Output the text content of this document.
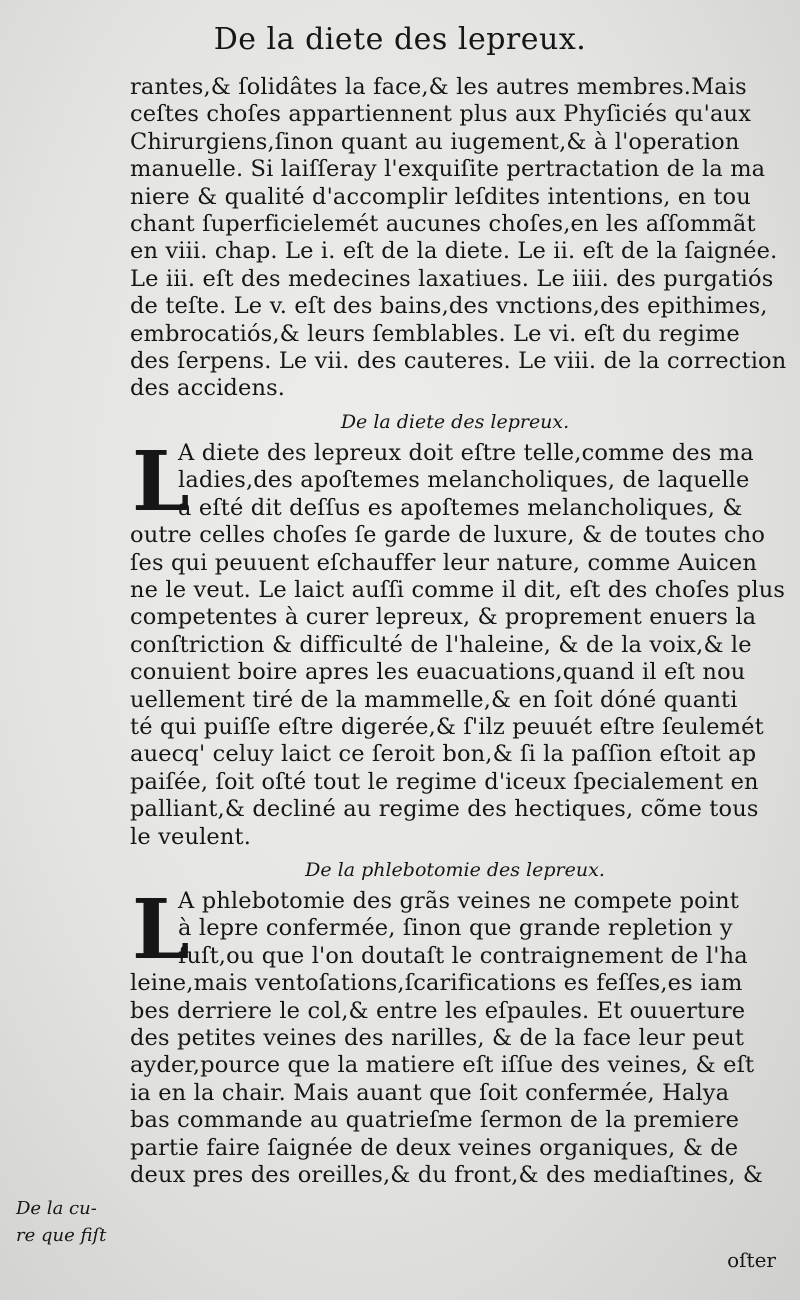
De la diete des lepreux.
rantes,& ſolidâtes la face,& les autres membres.Mais
ceſtes choſes appartiennent plus aux Phyſiciés qu'aux
Chirurgiens,ſinon quant au iugement,& à l'operation
manuelle. Si laiſſeray l'exquiſite pertractation de la ma
niere & qualité d'accomplir leſdites intentions, en tou
chant ſuperficielemét aucunes choſes,en les aſſommãt
en viii. chap. Le i. eſt de la diete. Le ii. eſt de la ſaignée.
Le iii. eſt des medecines laxatiues. Le iiii. des purgatiós
de teſte. Le v. eſt des bains,des vnctions,des epithimes,
embrocatiós,& leurs ſemblables. Le vi. eſt du regime
des ſerpens. Le vii. des cauteres. Le viii. de la correction
des accidens.
De la diete des lepreux.
L
A diete des lepreux doit eſtre telle,comme des ma
ladies,des apoſtemes melancholiques, de laquelle
a eſté dit deſſus es apoſtemes melancholiques, &
outre celles choſes ſe garde de luxure, & de toutes cho
ſes qui peuuent eſchauffer leur nature, comme Auicen
ne le veut. Le laict auſſi comme il dit, eſt des choſes plus
competentes à curer lepreux, & proprement enuers la
conſtriction & difficulté de l'haleine, & de la voix,& le
conuient boire apres les euacuations,quand il eſt nou
uellement tiré de la mammelle,& en ſoit dóné quanti
té qui puiſſe eſtre digerée,& ſ'ilz peuuét eſtre ſeulemét
auecq' celuy laict ce ſeroit bon,& ſi la paſſion eſtoit ap
paiſée, ſoit oſté tout le regime d'iceux ſpecialement en
palliant,& decliné au regime des hectiques, cõme tous
le veulent.
De la phlebotomie des lepreux.
L
A phlebotomie des grãs veines ne compete point
à lepre confermée, ſinon que grande repletion y
fuſt,ou que l'on doutaſt le contraignement de l'ha
leine,mais ventoſations,ſcarifications es feſſes,es iam
bes derriere le col,& entre les eſpaules. Et ouuerture
des petites veines des narilles, & de la face leur peut
ayder,pource que la matiere eſt iſſue des veines, & eſt
ia en la chair. Mais auant que ſoit confermée, Halya
bas commande au quatrieſme ſermon de la premiere
partie faire ſaignée de deux veines organiques, & de
deux pres des oreilles,& du front,& des mediaſtines, &
De la cu-
re que fiſt
oſter
